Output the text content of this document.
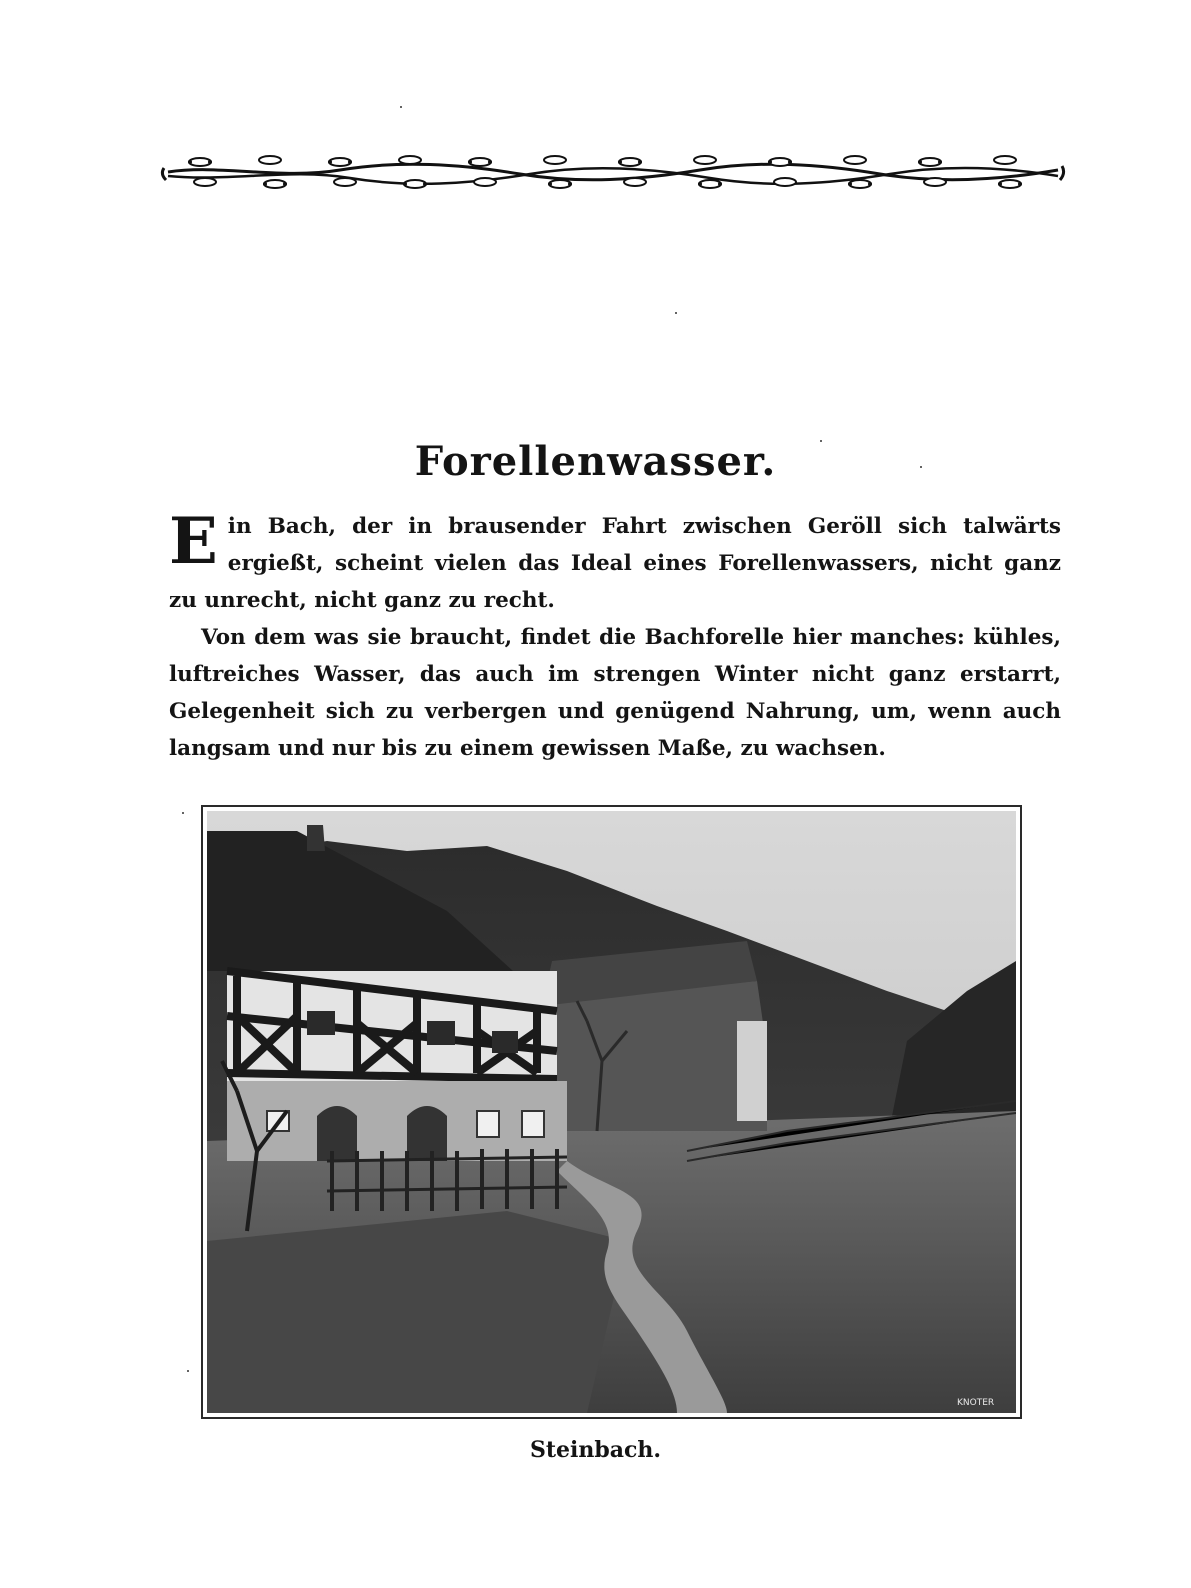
Forellenwasser.

Ein Bach, der in brausender Fahrt zwischen Geröll sich talwärts ergießt, scheint vielen das Ideal eines Forellenwassers, nicht ganz zu unrecht, nicht ganz zu recht.

Von dem was sie braucht, findet die Bachforelle hier manches: kühles, luftreiches Wasser, das auch im strengen Winter nicht ganz erstarrt, Gelegenheit sich zu verbergen und genügend Nahrung, um, wenn auch langsam und nur bis zu einem gewissen Maße, zu wachsen.

KNOTER
Steinbach.
